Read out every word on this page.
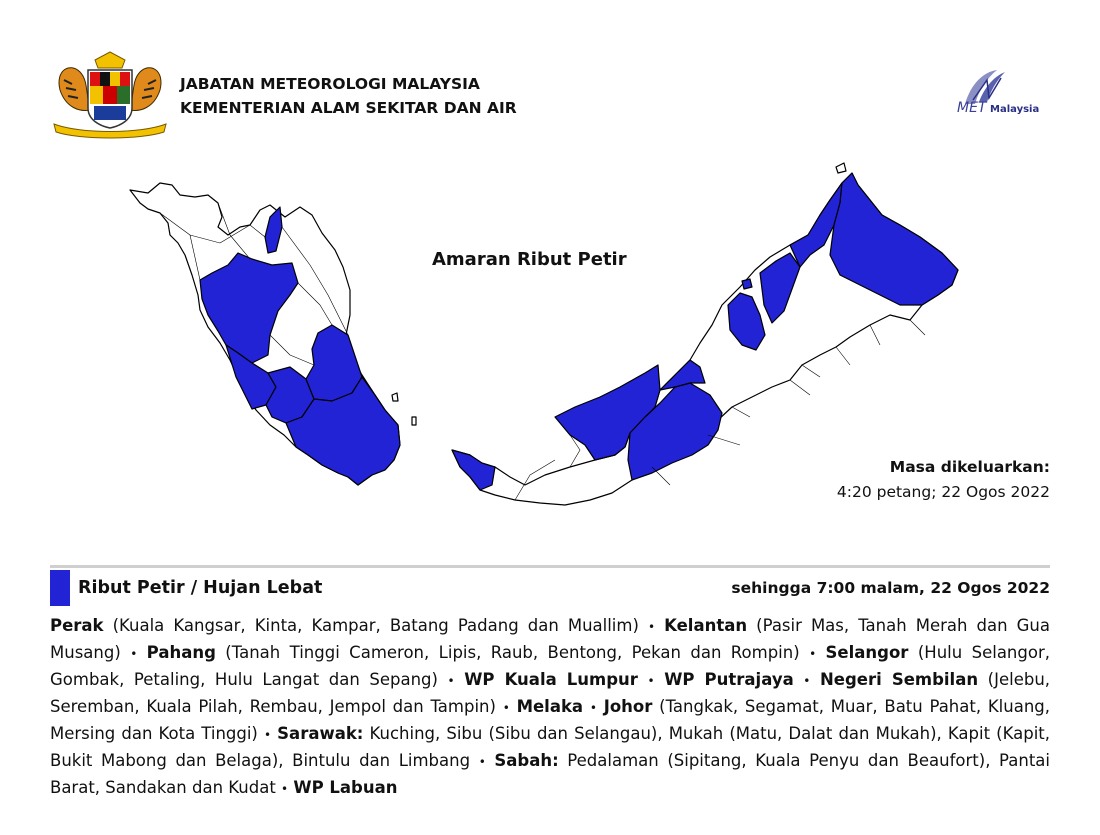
JABATAN METEOROLOGI MALAYSIA
KEMENTERIAN ALAM SEKITAR DAN AIR	MET Malaysia
Amaran Ribut Petir
Masa dikeluarkan:
4:20 petang; 22 Ogos 2022
Ribut Petir / Hujan Lebat	sehingga 7:00 malam, 22 Ogos 2022
Perak (Kuala Kangsar, Kinta, Kampar, Batang Padang dan Muallim) • Kelantan (Pasir Mas, Tanah Merah dan Gua Musang) • Pahang (Tanah Tinggi Cameron, Lipis, Raub, Bentong, Pekan dan Rompin) • Selangor (Hulu Selangor, Gombak, Petaling, Hulu Langat dan Sepang) • WP Kuala Lumpur • WP Putrajaya • Negeri Sembilan (Jelebu, Seremban, Kuala Pilah, Rembau, Jempol dan Tampin) • Melaka • Johor (Tangkak, Segamat, Muar, Batu Pahat, Kluang, Mersing dan Kota Tinggi) • Sarawak: Kuching, Sibu (Sibu dan Selangau), Mukah (Matu, Dalat dan Mukah), Kapit (Kapit, Bukit Mabong dan Belaga), Bintulu dan Limbang • Sabah: Pedalaman (Sipitang, Kuala Penyu dan Beaufort), Pantai Barat, Sandakan dan Kudat • WP Labuan
